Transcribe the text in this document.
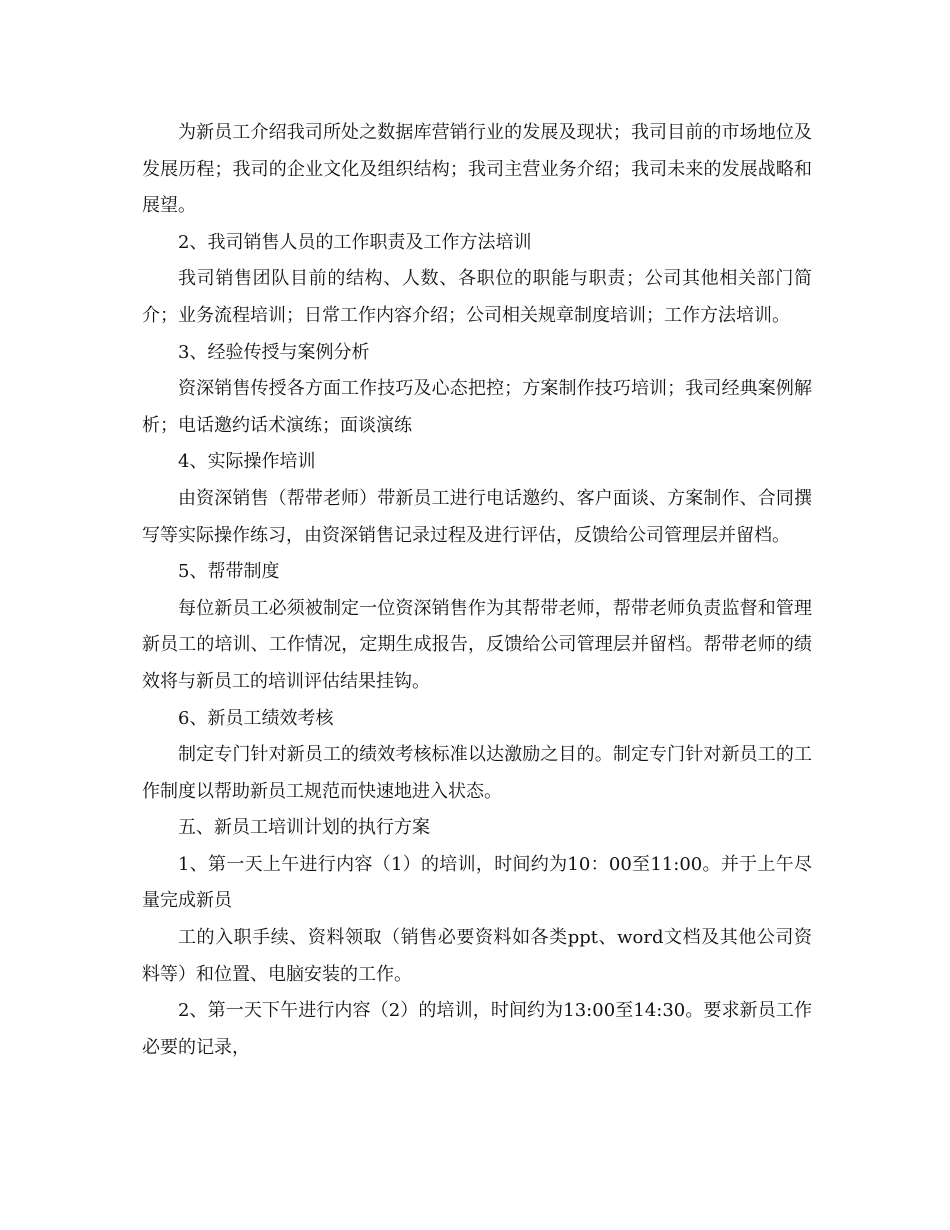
为新员工介绍我司所处之数据库营销行业的发展及现状；我司目前的市场地位及发展历程；我司的企业文化及组织结构；我司主营业务介绍；我司未来的发展战略和展望。

2、我司销售人员的工作职责及工作方法培训

我司销售团队目前的结构、人数、各职位的职能与职责；公司其他相关部门简介；业务流程培训；日常工作内容介绍；公司相关规章制度培训；工作方法培训。

3、经验传授与案例分析

资深销售传授各方面工作技巧及心态把控；方案制作技巧培训；我司经典案例解析；电话邀约话术演练；面谈演练

4、实际操作培训

由资深销售（帮带老师）带新员工进行电话邀约、客户面谈、方案制作、合同撰写等实际操作练习，由资深销售记录过程及进行评估，反馈给公司管理层并留档。

5、帮带制度

每位新员工必须被制定一位资深销售作为其帮带老师，帮带老师负责监督和管理新员工的培训、工作情况，定期生成报告，反馈给公司管理层并留档。帮带老师的绩效将与新员工的培训评估结果挂钩。

6、新员工绩效考核

制定专门针对新员工的绩效考核标准以达激励之目的。制定专门针对新员工的工作制度以帮助新员工规范而快速地进入状态。

五、新员工培训计划的执行方案

1、第一天上午进行内容（1）的培训，时间约为10：00至11:00。并于上午尽量完成新员

工的入职手续、资料领取（销售必要资料如各类ppt、word文档及其他公司资料等）和位置、电脑安装的工作。

2、第一天下午进行内容（2）的培训，时间约为13:00至14:30。要求新员工作必要的记录，
